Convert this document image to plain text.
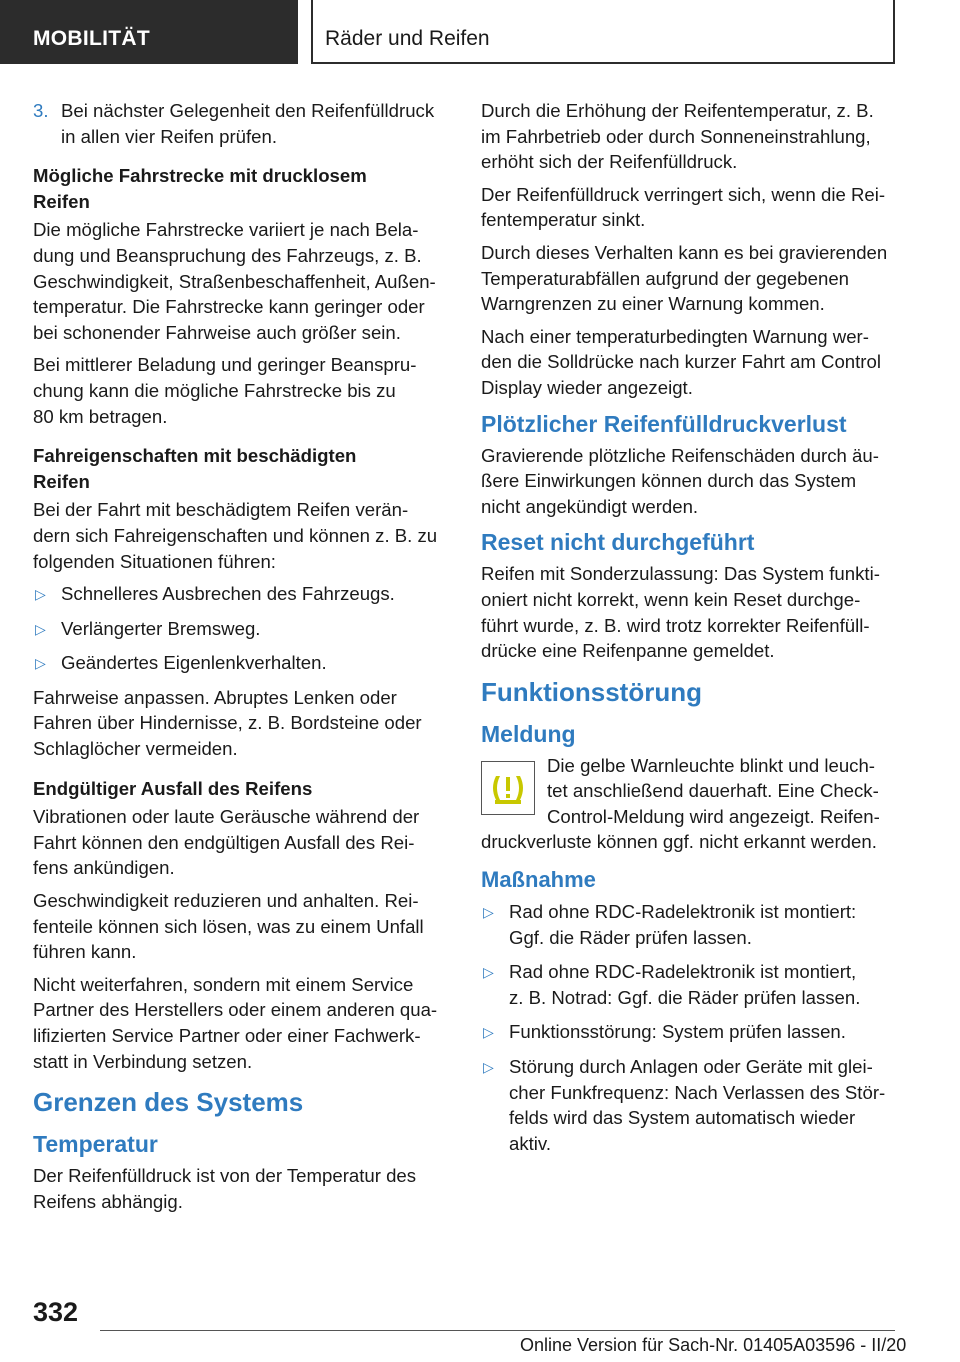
MOBILITÄT	Räder und Reifen
3. Bei nächster Gelegenheit den Reifenfülldruck
in allen vier Reifen prüfen.
Mögliche Fahrstrecke mit drucklosem
Reifen

Die mögliche Fahrstrecke variiert je nach Bela-
dung und Beanspruchung des Fahrzeugs, z. B.
Geschwindigkeit, Straßenbeschaffenheit, Außen-
temperatur. Die Fahrstrecke kann geringer oder
bei schonender Fahrweise auch größer sein.

Bei mittlerer Beladung und geringer Beanspru-
chung kann die mögliche Fahrstrecke bis zu
80 km betragen.

Fahreigenschaften mit beschädigten
Reifen

Bei der Fahrt mit beschädigtem Reifen verän-
dern sich Fahreigenschaften und können z. B. zu
folgenden Situationen führen:

▷ Schnelleres Ausbrechen des Fahrzeugs.
▷ Verlängerter Bremsweg.
▷ Geändertes Eigenlenkverhalten.

Fahrweise anpassen. Abruptes Lenken oder
Fahren über Hindernisse, z. B. Bordsteine oder
Schlaglöcher vermeiden.

Endgültiger Ausfall des Reifens

Vibrationen oder laute Geräusche während der
Fahrt können den endgültigen Ausfall des Rei-
fens ankündigen.

Geschwindigkeit reduzieren und anhalten. Rei-
fenteile können sich lösen, was zu einem Unfall
führen kann.

Nicht weiterfahren, sondern mit einem Service
Partner des Herstellers oder einem anderen qua-
lifizierten Service Partner oder einer Fachwerk-
statt in Verbindung setzen.

Grenzen des Systems
Temperatur

Der Reifenfülldruck ist von der Temperatur des
Reifens abhängig.

Durch die Erhöhung der Reifentemperatur, z. B.
im Fahrbetrieb oder durch Sonneneinstrahlung,
erhöht sich der Reifenfülldruck.

Der Reifenfülldruck verringert sich, wenn die Rei-
fentemperatur sinkt.

Durch dieses Verhalten kann es bei gravierenden
Temperaturabfällen aufgrund der gegebenen
Warngrenzen zu einer Warnung kommen.

Nach einer temperaturbedingten Warnung wer-
den die Solldrücke nach kurzer Fahrt am Control
Display wieder angezeigt.

Plötzlicher Reifenfülldruckverlust

Gravierende plötzliche Reifenschäden durch äu-
ßere Einwirkungen können durch das System
nicht angekündigt werden.

Reset nicht durchgeführt

Reifen mit Sonderzulassung: Das System funkti-
oniert nicht korrekt, wenn kein Reset durchge-
führt wurde, z. B. wird trotz korrekter Reifenfüll-
drücke eine Reifenpanne gemeldet.

Funktionsstörung
Meldung
Die gelbe Warnleuchte blinkt und leuch-
tet anschließend dauerhaft. Eine Check-
Control-Meldung wird angezeigt. Reifen-

druckverluste können ggf. nicht erkannt werden.

Maßnahme
▷ Rad ohne RDC-Radelektronik ist montiert:
Ggf. die Räder prüfen lassen.
▷ Rad ohne RDC-Radelektronik ist montiert,
z. B. Notrad: Ggf. die Räder prüfen lassen.
▷ Funktionsstörung: System prüfen lassen.
▷ Störung durch Anlagen oder Geräte mit glei-
cher Funkfrequenz: Nach Verlassen des Stör-
felds wird das System automatisch wieder
aktiv.
332
Online Version für Sach-Nr. 01405A03596 - II/20
